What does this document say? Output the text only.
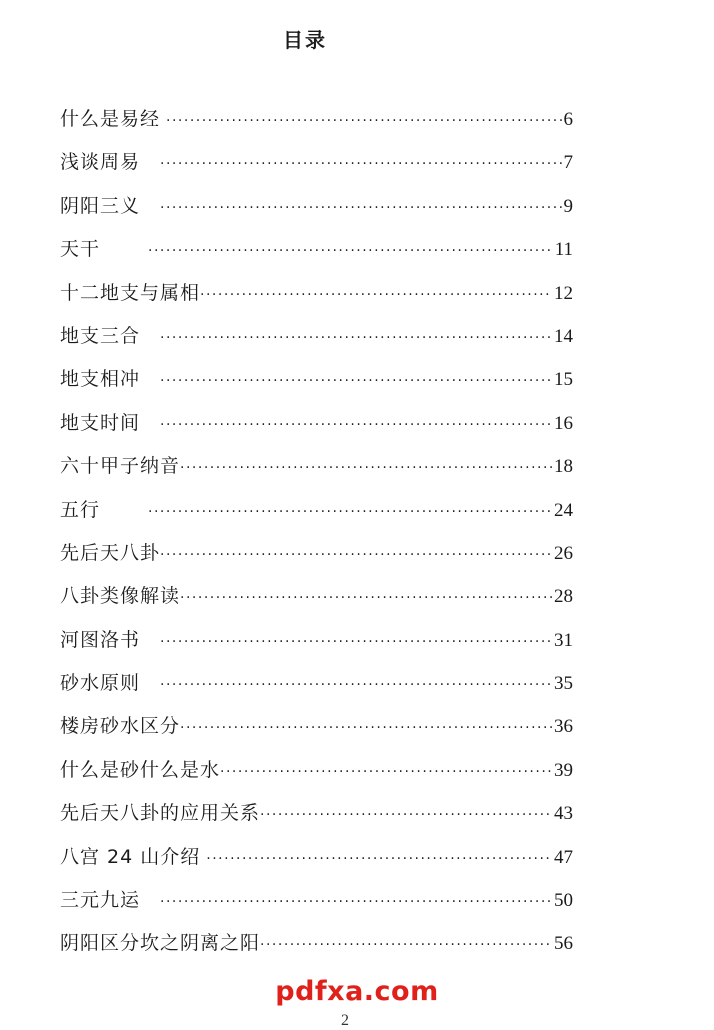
目录
什么是易经 ·····	6
浅谈周易 ·····	7
阴阳三义 ·····	9
天干 ·····	11
十二地支与属相 ·····	12
地支三合 ·····	14
地支相冲 ·····	15
地支时间 ·····	16
六十甲子纳音 ·····	18
五行 ·····	24
先后天八卦 ·····	26
八卦类像解读 ·····	28
河图洛书 ·····	31
砂水原则 ·····	35
楼房砂水区分 ·····	36
什么是砂什么是水 ·····	39
先后天八卦的应用关系 ·····	43
八宫 24 山介绍 ·····	47
三元九运 ·····	50
阴阳区分坎之阴离之阳 ·····	56
pdfxa.com
2
